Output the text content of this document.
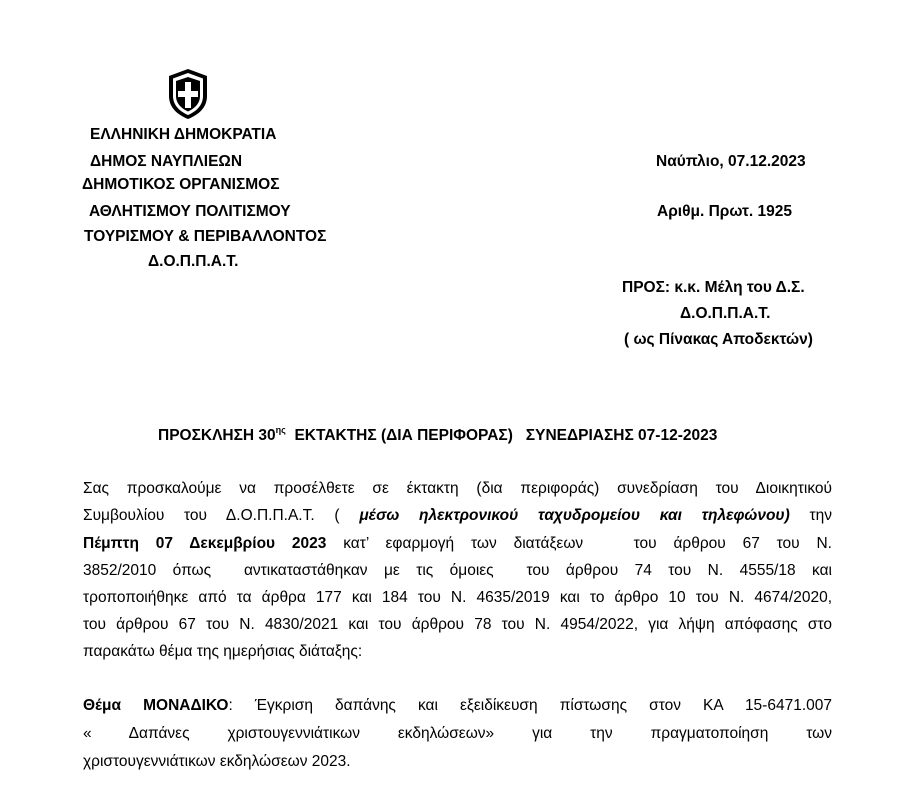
ΕΛΛΗΝΙΚΗ ΔΗΜΟΚΡΑΤΙΑ
ΔΗΜΟΣ ΝΑΥΠΛΙΕΩΝ
ΔΗΜΟΤΙΚΟΣ ΟΡΓΑΝΙΣΜΟΣ
ΑΘΛΗΤΙΣΜΟΥ ΠΟΛΙΤΙΣΜΟΥ
ΤΟΥΡΙΣΜΟΥ & ΠΕΡΙΒΑΛΛΟΝΤΟΣ
Δ.Ο.Π.Π.Α.Τ.
Ναύπλιο, 07.12.2023
Αριθμ. Πρωτ. 1925
ΠΡΟΣ: κ.κ. Μέλη του Δ.Σ.
Δ.Ο.Π.Π.Α.Τ.
( ως Πίνακας Αποδεκτών)
ΠΡΟΣΚΛΗΣΗ $30^{\eta\varsigma}$  ΕΚΤΑΚΤΗΣ (ΔΙΑ ΠΕΡΙΦΟΡΑΣ)   ΣΥΝΕΔΡΙΑΣΗΣ 07-12-2023
Σας προσκαλούμε να προσέλθετε σε έκτακτη (δια περιφοράς) συνεδρίαση του Διοικητικού
Συμβουλίου του Δ.Ο.Π.Π.Α.Τ. ( μέσω ηλεκτρονικού ταχυδρομείου και τηλεφώνου) την
Πέμπτη 07 Δεκεμβρίου 2023 κατ’ εφαρμογή των διατάξεων   του άρθρου 67 του Ν.
3852/2010 όπως  αντικαταστάθηκαν με τις όμοιες  του άρθρου 74 του Ν. 4555/18 και
τροποποιήθηκε από τα άρθρα 177 και 184 του Ν. 4635/2019 και το άρθρο 10 του Ν. 4674/2020,
του άρθρου 67 του Ν. 4830/2021 και του άρθρου 78 του Ν. 4954/2022, για λήψη απόφασης στο
παρακάτω θέμα της ημερήσιας διάταξης:
Θέμα ΜΟΝΑΔΙΚΟ: Έγκριση δαπάνης και εξειδίκευση πίστωσης στον ΚΑ 15-6471.007
« Δαπάνες χριστουγεννιάτικων εκδηλώσεων» για την πραγματοποίηση των
χριστουγεννιάτικων εκδηλώσεων 2023.
